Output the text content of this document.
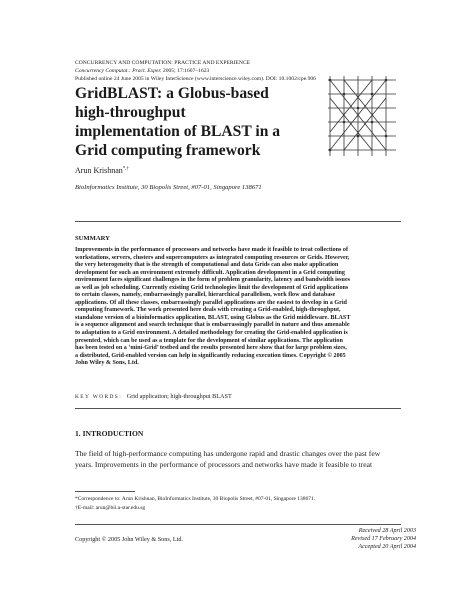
CONCURRENCY AND COMPUTATION: PRACTICE AND EXPERIENCE
Concurrency Computat.: Pract. Exper. 2005; 17:1607–1623
Published online 24 June 2005 in Wiley InterScience (www.interscience.wiley.com). DOI: 10.1002/cpe.906
GridBLAST: a Globus-based
high-throughput
implementation of BLAST in a
Grid computing framework
Arun Krishnan*,†
BioInformatics Institute, 30 Biopolis Street, #07-01, Singapore 138671
SUMMARY
Improvements in the performance of processors and networks have made it feasible to treat collections of
workstations, servers, clusters and supercomputers as integrated computing resources or Grids. However,
the very heterogeneity that is the strength of computational and data Grids can also make application
development for such an environment extremely difficult. Application development in a Grid computing
environment faces significant challenges in the form of problem granularity, latency and bandwidth issues
as well as job scheduling. Currently existing Grid technologies limit the development of Grid applications
to certain classes, namely, embarrassingly parallel, hierarchical parallelism, work flow and database
applications. Of all these classes, embarrassingly parallel applications are the easiest to develop in a Grid
computing framework. The work presented here deals with creating a Grid-enabled, high-throughput,
standalone version of a bioinformatics application, BLAST, using Globus as the Grid middleware. BLAST
is a sequence alignment and search technique that is embarrassingly parallel in nature and thus amenable
to adaptation to a Grid environment. A detailed methodology for creating the Grid-enabled application is
presented, which can be used as a template for the development of similar applications. The application
has been tested on a ‘mini-Grid’ testbed and the results presented here show that for large problem sizes,
a distributed, Grid-enabled version can help in significantly reducing execution times. Copyright © 2005
John Wiley & Sons, Ltd.
KEY WORDS: Grid application; high-throughput BLAST
1. INTRODUCTION
The field of high-performance computing has undergone rapid and drastic changes over the past few
years. Improvements in the performance of processors and networks have made it feasible to treat
*Correspondence to: Arun Krishnan, BioInformatics Institute, 30 Biopolis Street, #07-01, Singapore 138671.
†E-mail: arun@bii.a-star.edu.sg
Copyright © 2005 John Wiley & Sons, Ltd.
Received 28 April 2003
Revised 17 February 2004
Accepted 20 April 2004
